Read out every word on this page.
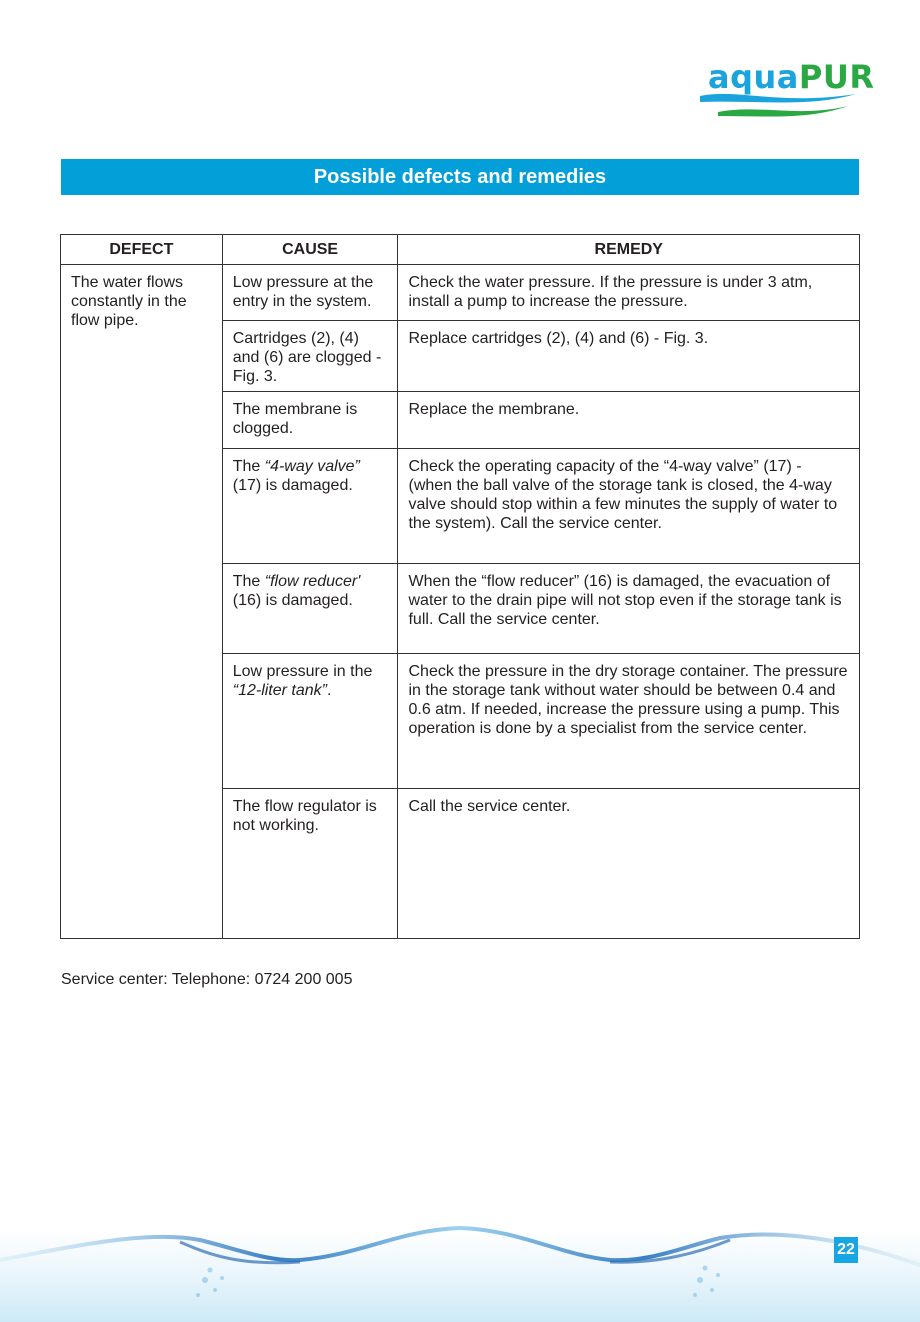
aquaPUR
Possible defects and remedies
DEFECT	CAUSE	REMEDY
The water flows constantly in the flow pipe.	Low pressure at the entry in the system.	Check the water pressure. If the pressure is under 3 atm, install a pump to increase the pressure.
	Cartridges (2), (4) and (6) are clogged - Fig. 3.	Replace cartridges (2), (4) and (6) - Fig. 3.
	The membrane is clogged.	Replace the membrane.
	The “4-way valve” (17) is damaged.	Check the operating capacity of the “4-way valve” (17) - (when the ball valve of the storage tank is closed, the 4-way valve should stop within a few minutes the supply of water to the system). Call the service center.
	The “flow reducer' (16) is damaged.	When the “flow reducer” (16) is damaged, the evacuation of water to the drain pipe will not stop even if the storage tank is full. Call the service center.
	Low pressure in the “12-liter tank”.	Check the pressure in the dry storage container. The pressure in the storage tank without water should be between 0.4 and 0.6 atm. If needed, increase the pressure using a pump. This operation is done by a specialist from the service center.
	The flow regulator is not working.	Call the service center.
Service center: Telephone: 0724 200 005
22
